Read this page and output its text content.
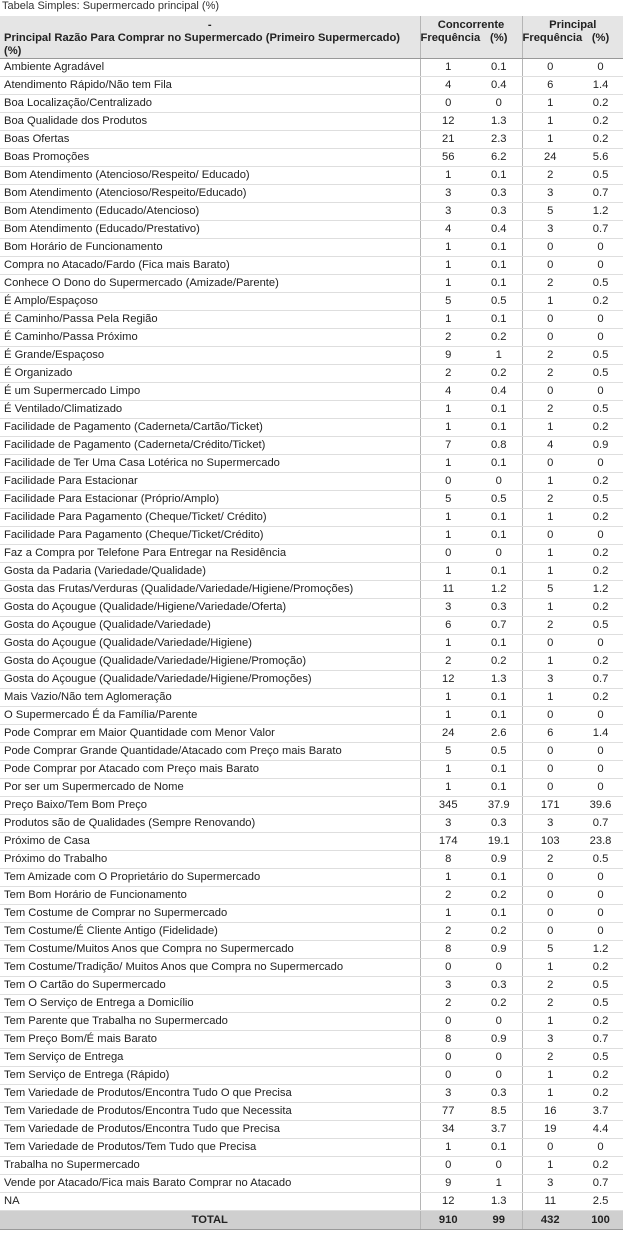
Tabela Simples: Supermercado principal (%)
-	Concorrente		Principal	
Principal Razão Para Comprar no Supermercado (Primeiro Supermercado) (%)	Frequência	(%)	Frequência	(%)
Ambiente Agradável	1	0.1	0	0
Atendimento Rápido/Não tem Fila	4	0.4	6	1.4
Boa Localização/Centralizado	0	0	1	0.2
Boa Qualidade dos Produtos	12	1.3	1	0.2
Boas Ofertas	21	2.3	1	0.2
Boas Promoções	56	6.2	24	5.6
Bom Atendimento (Atencioso/Respeito/ Educado)	1	0.1	2	0.5
Bom Atendimento (Atencioso/Respeito/Educado)	3	0.3	3	0.7
Bom Atendimento (Educado/Atencioso)	3	0.3	5	1.2
Bom Atendimento (Educado/Prestativo)	4	0.4	3	0.7
Bom Horário de Funcionamento	1	0.1	0	0
Compra no Atacado/Fardo (Fica mais Barato)	1	0.1	0	0
Conhece O Dono do Supermercado (Amizade/Parente)	1	0.1	2	0.5
É Amplo/Espaçoso	5	0.5	1	0.2
É Caminho/Passa Pela Região	1	0.1	0	0
É Caminho/Passa Próximo	2	0.2	0	0
É Grande/Espaçoso	9	1	2	0.5
É Organizado	2	0.2	2	0.5
É um Supermercado Limpo	4	0.4	0	0
É Ventilado/Climatizado	1	0.1	2	0.5
Facilidade de Pagamento (Caderneta/Cartão/Ticket)	1	0.1	1	0.2
Facilidade de Pagamento (Caderneta/Crédito/Ticket)	7	0.8	4	0.9
Facilidade de Ter Uma Casa Lotérica no Supermercado	1	0.1	0	0
Facilidade Para Estacionar	0	0	1	0.2
Facilidade Para Estacionar (Próprio/Amplo)	5	0.5	2	0.5
Facilidade Para Pagamento (Cheque/Ticket/ Crédito)	1	0.1	1	0.2
Facilidade Para Pagamento (Cheque/Ticket/Crédito)	1	0.1	0	0
Faz a Compra por Telefone Para Entregar na Residência	0	0	1	0.2
Gosta da Padaria (Variedade/Qualidade)	1	0.1	1	0.2
Gosta das Frutas/Verduras (Qualidade/Variedade/Higiene/Promoções)	11	1.2	5	1.2
Gosta do Açougue (Qualidade/Higiene/Variedade/Oferta)	3	0.3	1	0.2
Gosta do Açougue (Qualidade/Variedade)	6	0.7	2	0.5
Gosta do Açougue (Qualidade/Variedade/Higiene)	1	0.1	0	0
Gosta do Açougue (Qualidade/Variedade/Higiene/Promoção)	2	0.2	1	0.2
Gosta do Açougue (Qualidade/Variedade/Higiene/Promoções)	12	1.3	3	0.7
Mais Vazio/Não tem Aglomeração	1	0.1	1	0.2
O Supermercado É da Família/Parente	1	0.1	0	0
Pode Comprar em Maior Quantidade com Menor Valor	24	2.6	6	1.4
Pode Comprar Grande Quantidade/Atacado com Preço mais Barato	5	0.5	0	0
Pode Comprar por Atacado com Preço mais Barato	1	0.1	0	0
Por ser um Supermercado de Nome	1	0.1	0	0
Preço Baixo/Tem Bom Preço	345	37.9	171	39.6
Produtos são de Qualidades (Sempre Renovando)	3	0.3	3	0.7
Próximo de Casa	174	19.1	103	23.8
Próximo do Trabalho	8	0.9	2	0.5
Tem Amizade com O Proprietário do Supermercado	1	0.1	0	0
Tem Bom Horário de Funcionamento	2	0.2	0	0
Tem Costume de Comprar no Supermercado	1	0.1	0	0
Tem Costume/É Cliente Antigo (Fidelidade)	2	0.2	0	0
Tem Costume/Muitos Anos que Compra no Supermercado	8	0.9	5	1.2
Tem Costume/Tradição/ Muitos Anos que Compra no Supermercado	0	0	1	0.2
Tem O Cartão do Supermercado	3	0.3	2	0.5
Tem O Serviço de Entrega a Domicílio	2	0.2	2	0.5
Tem Parente que Trabalha no Supermercado	0	0	1	0.2
Tem Preço Bom/É mais Barato	8	0.9	3	0.7
Tem Serviço de Entrega	0	0	2	0.5
Tem Serviço de Entrega (Rápido)	0	0	1	0.2
Tem Variedade de Produtos/Encontra Tudo O que Precisa	3	0.3	1	0.2
Tem Variedade de Produtos/Encontra Tudo que Necessita	77	8.5	16	3.7
Tem Variedade de Produtos/Encontra Tudo que Precisa	34	3.7	19	4.4
Tem Variedade de Produtos/Tem Tudo que Precisa	1	0.1	0	0
Trabalha no Supermercado	0	0	1	0.2
Vende por Atacado/Fica mais Barato Comprar no Atacado	9	1	3	0.7
NA	12	1.3	11	2.5
TOTAL	910	99	432	100
